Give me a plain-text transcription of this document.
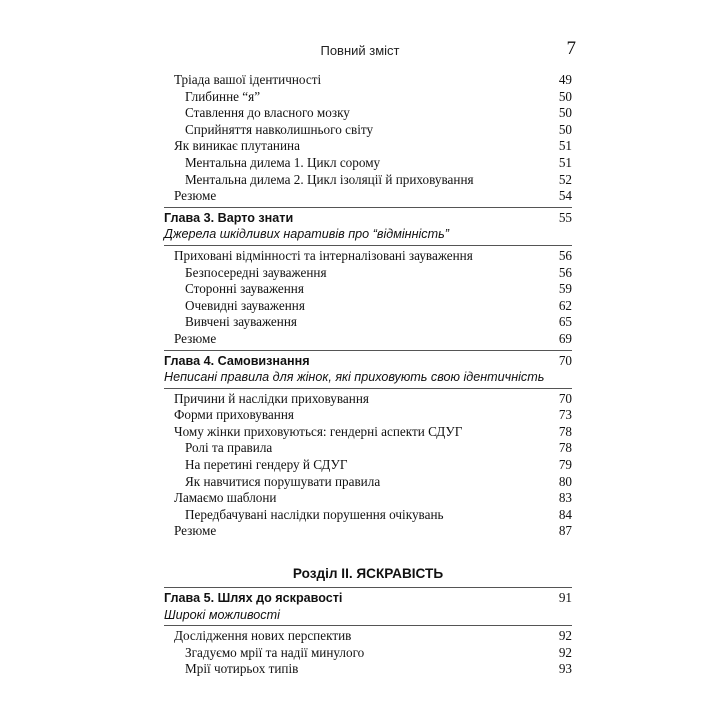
Повний зміст	7
Тріада вашої ідентичності	49
Глибинне “я”	50
Ставлення до власного мозку	50
Сприйняття навколишнього світу	50
Як виникає плутанина	51
Ментальна дилема 1. Цикл сорому	51
Ментальна дилема 2. Цикл ізоляції й приховування	52
Резюме	54
Глава 3. Варто знати	55
Джерела шкідливих наративів про “відмінність”
Приховані відмінності та інтерналізовані зауваження	56
Безпосередні зауваження	56
Сторонні зауваження	59
Очевидні зауваження	62
Вивчені зауваження	65
Резюме	69
Глава 4. Самовизнання	70
Неписані правила для жінок, які приховують свою ідентичність
Причини й наслідки приховування	70
Форми приховування	73
Чому жінки приховуються: гендерні аспекти СДУГ	78
Ролі та правила	78
На перетині гендеру й СДУГ	79
Як навчитися порушувати правила	80
Ламаємо шаблони	83
Передбачувані наслідки порушення очікувань	84
Резюме	87
Розділ II. ЯСКРАВІСТЬ
Глава 5. Шлях до яскравості	91
Широкі можливості
Дослідження нових перспектив	92
Згадуємо мрії та надії минулого	92
Мрії чотирьох типів	93
